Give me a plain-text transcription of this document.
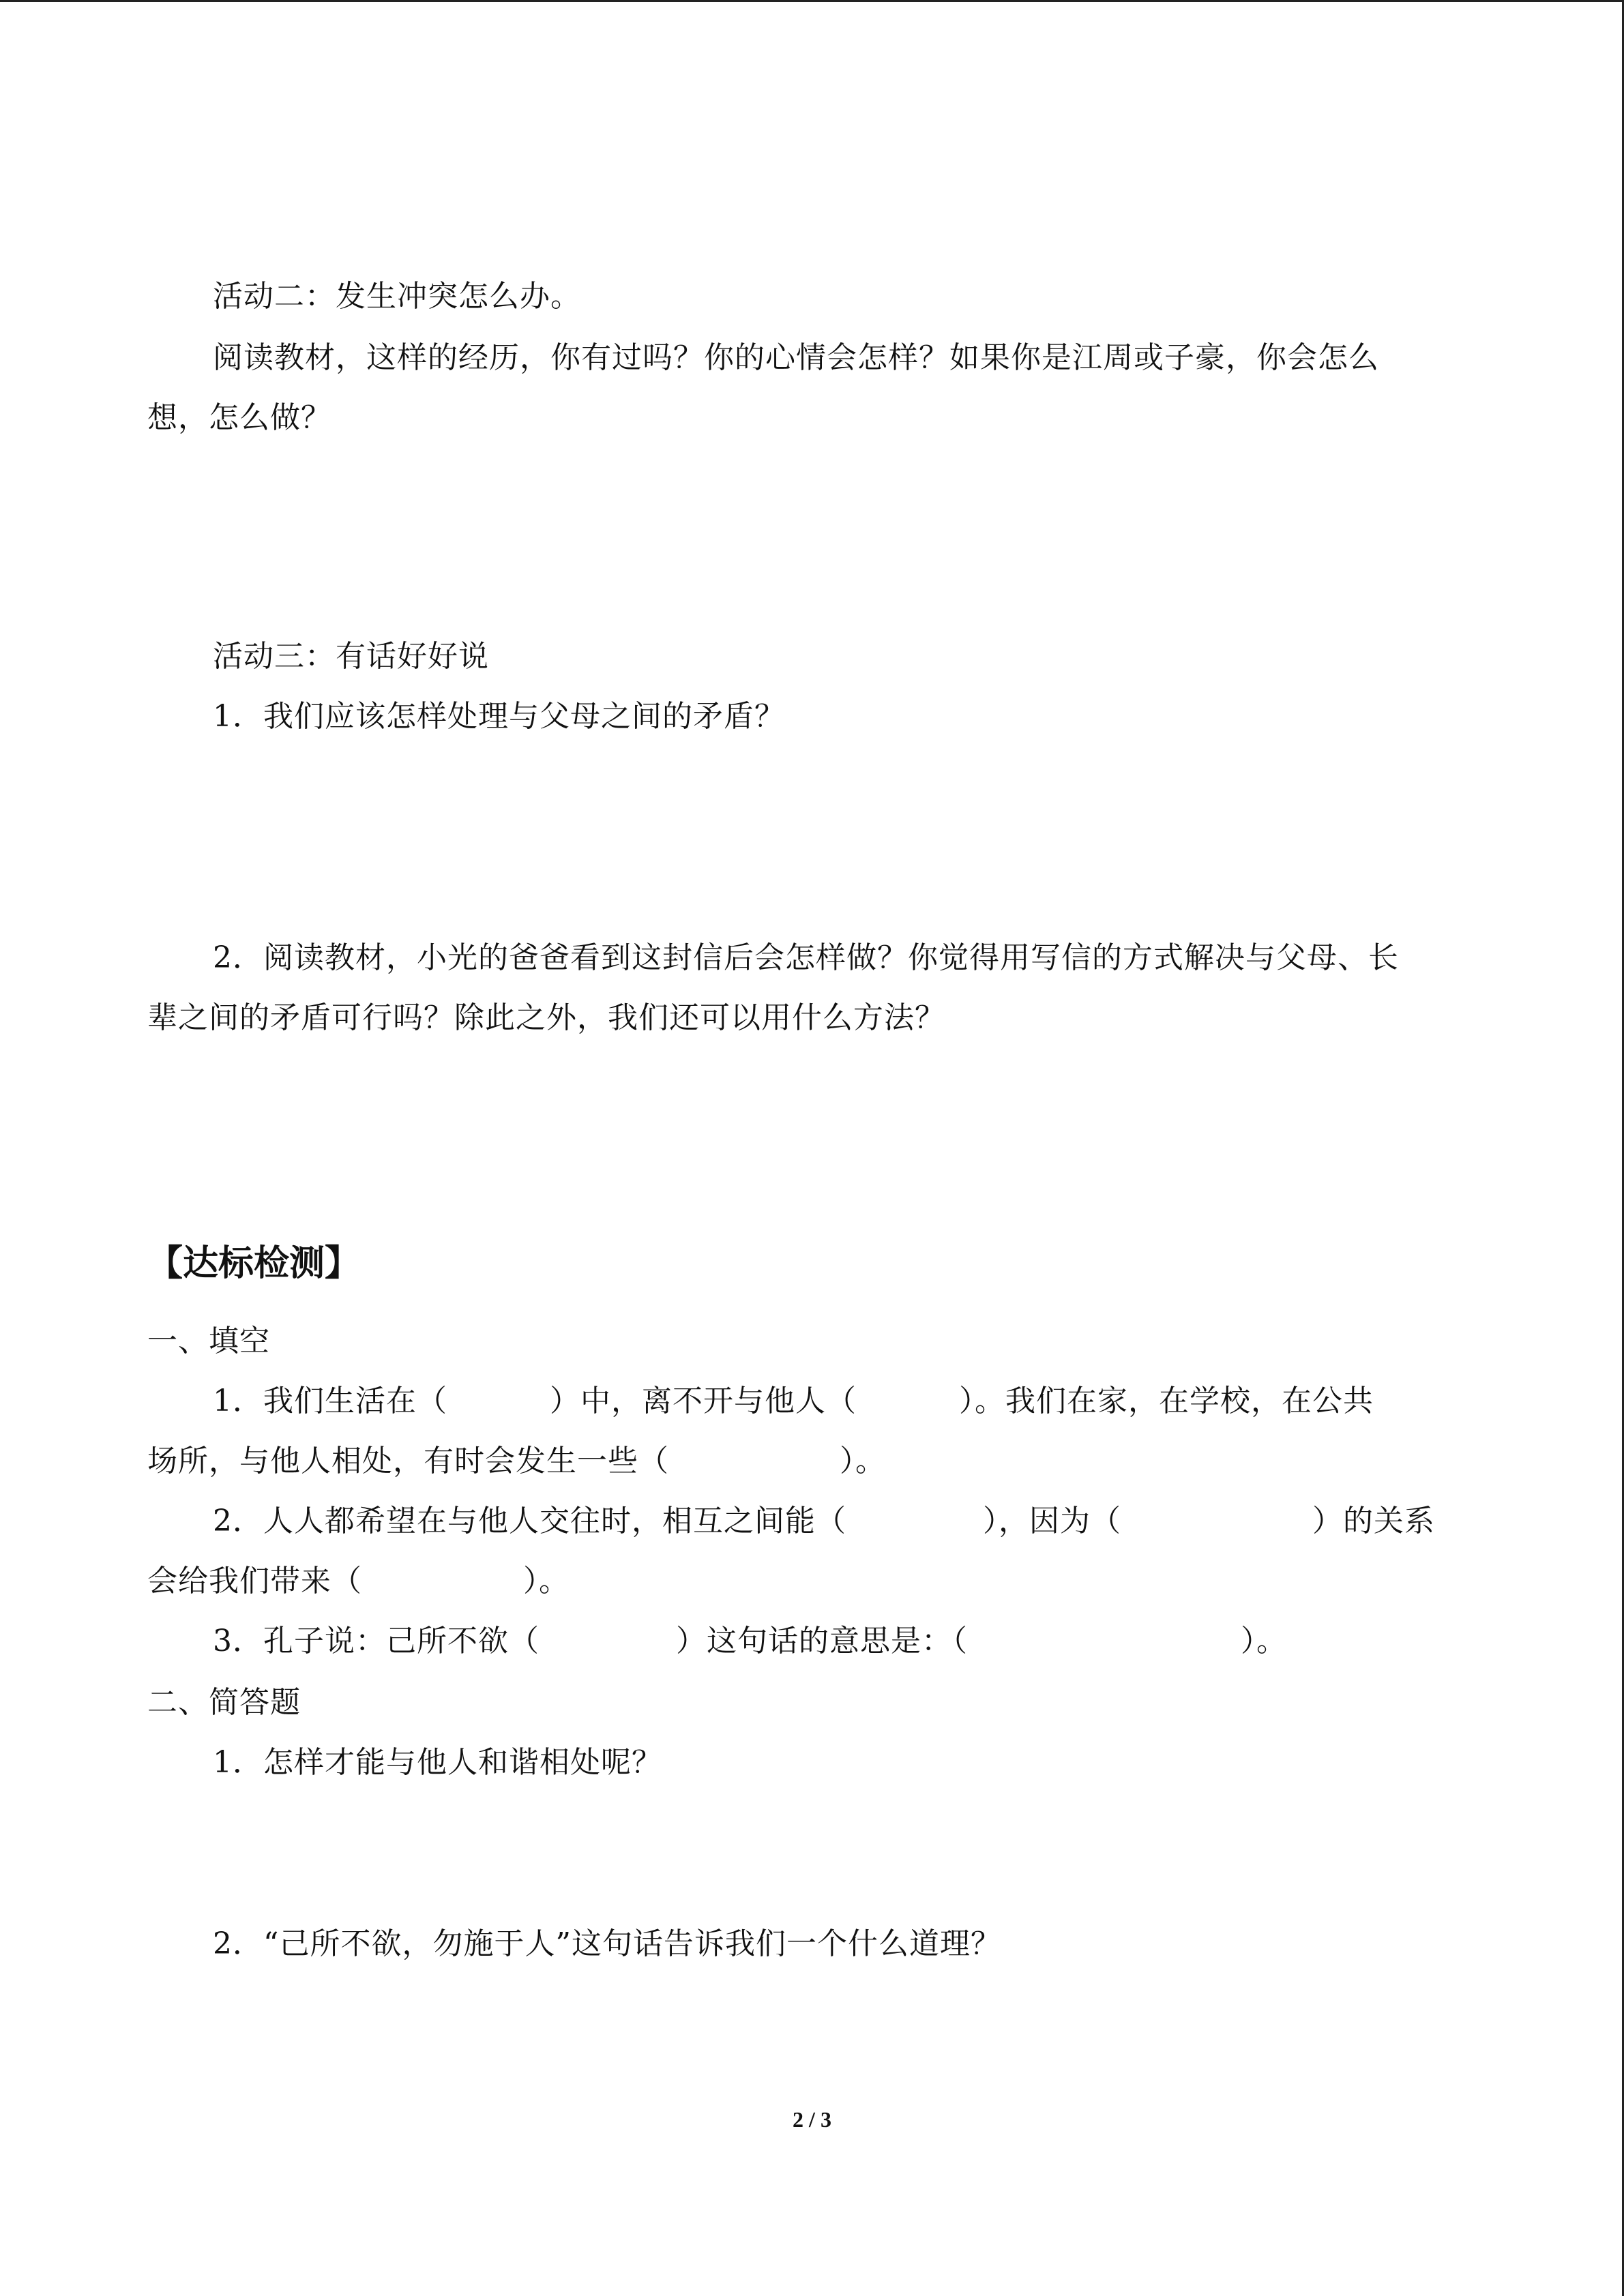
活动二：发生冲突怎么办。
阅读教材，这样的经历，你有过吗？你的心情会怎样？如果你是江周或子豪，你会怎么
想，怎么做？
活动三：有话好好说
1．我们应该怎样处理与父母之间的矛盾？
2．阅读教材，小光的爸爸看到这封信后会怎样做？你觉得用写信的方式解决与父母、长
辈之间的矛盾可行吗？除此之外，我们还可以用什么方法？
【达标检测】
一、填空
1．我们生活在（	）中，离不开与他人（	）。我们在家，在学校，在公共
场所，与他人相处，有时会发生一些（	）。
2．人人都希望在与他人交往时，相互之间能（	），因为（	）的关系
会给我们带来（	）。
3．孔子说：己所不欲（	）这句话的意思是：（	）。
二、简答题
1．怎样才能与他人和谐相处呢？
2．“己所不欲，勿施于人”这句话告诉我们一个什么道理？
2 / 3
